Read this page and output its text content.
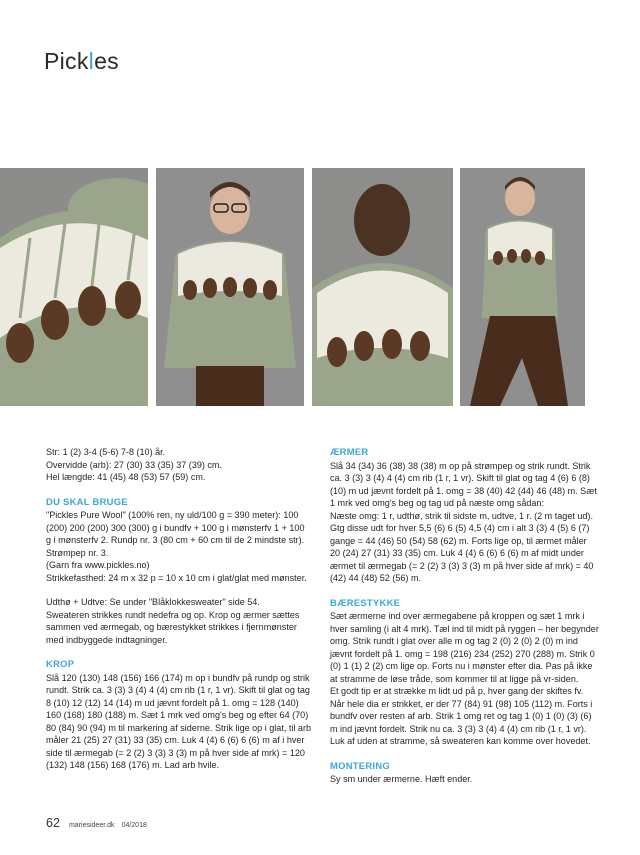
Pickles

Str: 1 (2) 3-4 (5-6) 7-8 (10) år.

Overvidde (arb): 27 (30) 33 (35) 37 (39) cm.

Hel længde: 41 (45) 48 (53) 57 (59) cm.

DU SKAL BRUGE

"Pickles Pure Wool" (100% ren, ny uld/100 g = 390 meter): 100

(200) 200 (200) 300 (300) g i bundfv + 100 g i mønsterfv 1 + 100

g i mønsterfv 2. Rundp nr. 3 (80 cm + 60 cm til de 2 mindste str).

Strømpep nr. 3.

(Garn fra www.pickles.no)

Strikkefasthed: 24 m x 32 p = 10 x 10 cm i glat/glat med mønster.

Udthø + Udtve: Se under "Blåklokkesweater" side 54.

Sweateren strikkes rundt nedefra og op. Krop og ærmer sættes

sammen ved ærmegab, og bærestykket strikkes i fjernmønster

med indbyggede indtagninger.

KROP

Slå 120 (130) 148 (156) 166 (174) m op i bundfv på rundp og strik

rundt. Strik ca. 3 (3) 3 (4) 4 (4) cm rib (1 r, 1 vr). Skift til glat og tag

8 (10) 12 (12) 14 (14) m ud jævnt fordelt på 1. omg = 128 (140)

160 (168) 180 (188) m. Sæt 1 mrk ved omg's beg og efter 64 (70)

80 (84) 90 (94) m til markering af siderne. Strik lige op i glat, til arb

måler 21 (25) 27 (31) 33 (35) cm. Luk 4 (4) 6 (6) 6 (6) m af i hver

side til ærmegab (= 2 (2) 3 (3) 3 (3) m på hver side af mrk) = 120

(132) 148 (156) 168 (176) m. Lad arb hvile.

ÆRMER

Slå 34 (34) 36 (38) 38 (38) m op på strømpep og strik rundt. Strik

ca. 3 (3) 3 (4) 4 (4) cm rib (1 r, 1 vr). Skift til glat og tag 4 (6) 6 (8)

(10) m ud jævnt fordelt på 1. omg = 38 (40) 42 (44) 46 (48) m. Sæt

1 mrk ved omg's beg og tag ud på næste omg sådan:

Næste omg: 1 r, udthø, strik til sidste m, udtve, 1 r. (2 m taget ud).

Gtg disse udt for hver 5,5 (6) 6 (5) 4,5 (4) cm i alt 3 (3) 4 (5) 6 (7)

gange = 44 (46) 50 (54) 58 (62) m. Forts lige op, til ærmet måler

20 (24) 27 (31) 33 (35) cm. Luk 4 (4) 6 (6) 6 (6) m af midt under

ærmet til ærmegab (= 2 (2) 3 (3) 3 (3) m på hver side af mrk) = 40

(42) 44 (48) 52 (56) m.

BÆRESTYKKE

Sæt ærmerne ind over ærmegabene på kroppen og sæt 1 mrk i

hver samling (i alt 4 mrk). Tæl ind til midt på ryggen – her begynder

omg. Strik rundt i glat over alle m og tag 2 (0) 2 (0) 2 (0) m ind

jævnt fordelt på 1. omg = 198 (216) 234 (252) 270 (288) m. Strik 0

(0) 1 (1) 2 (2) cm lige op. Forts nu i mønster efter dia. Pas på ikke

at stramme de løse tråde, som kommer til at ligge på vr-siden.

Et godt tip er at strække m lidt ud på p, hver gang der skiftes fv.

Når hele dia er strikket, er der 77 (84) 91 (98) 105 (112) m. Forts i

bundfv over resten af arb. Strik 1 omg ret og tag 1 (0) 1 (0) (3) (6)

m ind jævnt fordelt. Strik nu ca. 3 (3) 3 (4) 4 (4) cm rib (1 r, 1 vr).

Luk af uden at stramme, så sweateren kan komme over hovedet.

MONTERING

Sy sm under ærmerne. Hæft ender.

62 mariesideer.dk 04/2018
